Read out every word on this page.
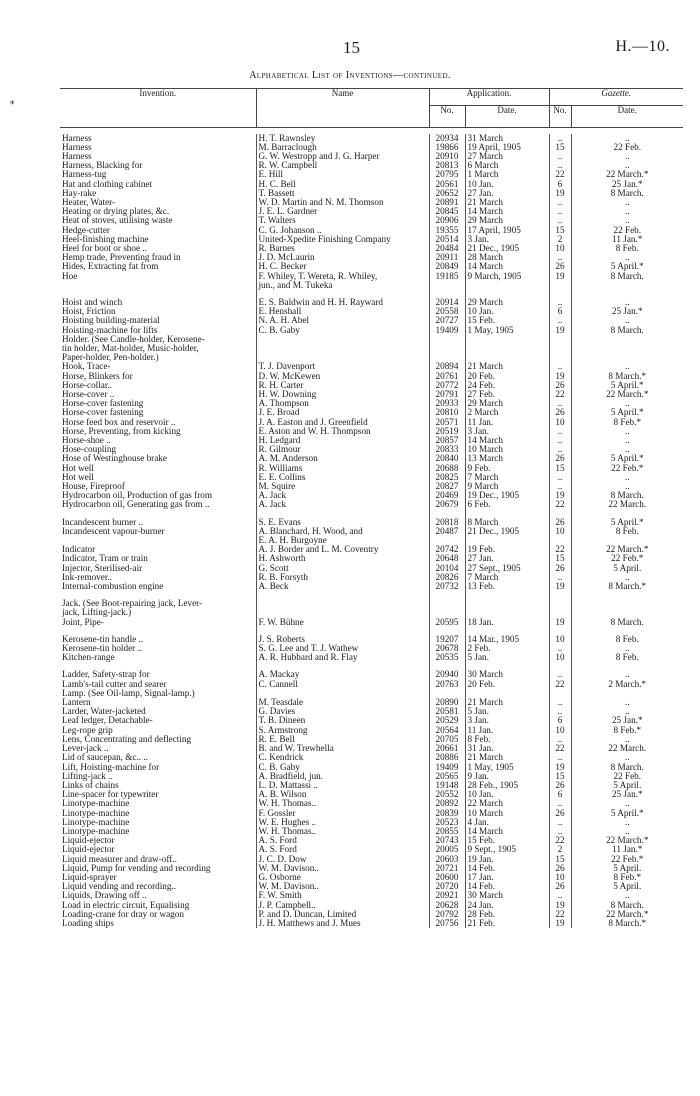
15	H.—10.
Alphabetical List of Inventions—continued.
⁎
Invention.	Name	Application.		Gazette.	
		No.	Date.	No.	Date.

Harness	H. T. Rawnsley	20934	31 March	..	..
Harness	M. Barraclough	19866	19 April, 1905	15	22 Feb.
Harness	G. W. Westropp and J. G. Harper	20910	27 March	..	..
Harness, Blacking for	R. W. Campbell	20813	6 March	..	..
Harness-tug	E. Hill	20795	1 March	22	22 March.*
Hat and clothing cabinet	H. C. Bell	20561	10 Jan.	6	25 Jan.*
Hay-rake	T. Bassett	20652	27 Jan.	19	8 March.
Heater, Water-	W. D. Martin and N. M. Thomson	20891	21 March	..	..
Heating or drying plates, &c.	J. E. L. Gardner	20845	14 March	..	..
Heat of stoves, utilising waste	T. Walters	20906	29 March	..	..
Hedge-cutter	C. G. Johanson ..	19355	17 April, 1905	15	22 Feb.
Heel-finishing machine	United-Xpedite Finishing Company	20514	3 Jan.	2	11 Jan.*
Heel for boot or shoe ..	R. Barnes	20484	21 Dec., 1905	10	8 Feb.
Hemp trade, Preventing fraud in	J. D. McLaurin	20911	28 March	..	..
Hides, Extracting fat from	H. C. Becker	20849	14 March	26	5 April.*
Hoe	F. Whiley, T. Wereta, R. Whiley,	19185	9 March, 1905	19	8 March.
	jun., and M. Tukeka				

Hoist and winch	E. S. Baldwin and H. H. Rayward	20914	29 March	..	..
Hoist, Friction	E. Henshall	20558	10 Jan.	6	25 Jan.*
Hoisting building-material	N. A. H. Abel	20727	15 Feb.	..	..
Hoisting-machine for lifts	C. B. Gaby	19409	1 May, 1905	19	8 March.
Holder. (See Candle-holder, Kerosene-					
tin holder, Mat-holder, Music-holder,					
Paper-holder, Pen-holder.)					
Hook, Trace-	T. J. Davenport	20894	21 March	..	..
Horse, Blinkers for	D. W. McKewen	20761	20 Feb.	19	8 March.*
Horse-collar..	R. H. Carter	20772	24 Feb.	26	5 April.*
Horse-cover ..	H. W. Downing	20791	27 Feb.	22	22 March.*
Horse-cover fastening	A. Thompson	20933	29 March	..	..
Horse-cover fastening	J. E. Broad	20810	2 March	26	5 April.*
Horse feed box and reservoir ..	J. A. Easton and J. Greenfield	20571	11 Jan.	10	8 Feb.*
Horse, Preventing, from kicking	E. Aston and W. H. Thompson	20519	3 Jan.	..	..
Horse-shoe ..	H. Ledgard	20857	14 March	..	..
Hose-coupling	R. Gilmour	20833	10 March	..	..
Hose of Westinghouse brake	A. M. Anderson	20840	13 March	26	5 April.*
Hot well	R. Williams	20688	9 Feb.	15	22 Feb.*
Hot well	E. E. Collins	20825	7 March	..	..
House, Fireproof	M. Squire	20827	9 March	..	..
Hydrocarbon oil, Production of gas from	A. Jack	20469	19 Dec., 1905	19	8 March.
Hydrocarbon oil, Generating gas from ..	A. Jack	20679	6 Feb.	22	22 March.

Incandescent burner ..	S. E. Evans	20818	8 March	26	5 April.*
Incandescent vapour-burner	A. Blanchard, H. Wood, and	20487	21 Dec., 1905	10	8 Feb.
	E. A. H. Burgoyne				
Indicator	A. J. Border and L. M. Coventry	20742	19 Feb.	22	22 March.*
Indicator, Tram or train	H. Ashworth	20648	27 Jan.	15	22 Feb.*
Injector, Sterilised-air	G. Scott	20104	27 Sept., 1905	26	5 April.
Ink-remover..	R. B. Forsyth	20826	7 March	..	..
Internal-combustion engine	A. Beck	20732	13 Feb.	19	8 March.*

Jack. (See Boot-repairing jack, Lever-					
jack, Lifting-jack.)					
Joint, Pipe-	F. W. Bühne	20595	18 Jan.	19	8 March.

Kerosene-tin handle ..	J. S. Roberts	19207	14 Mar., 1905	10	8 Feb.
Kerosene-tin holder ..	S. G. Lee and T. J. Wathew	20678	2 Feb.	..	..
Kitchen-range	A. R. Hubbard and R. Flay	20535	5 Jan.	10	8 Feb.

Ladder, Safety-strap for	A. Mackay	20940	30 March	..	..
Lamb's-tail cutter and searer	C. Cannell	20763	20 Feb.	22	2 March.*
Lamp. (See Oil-lamp, Signal-lamp.)					
Lantern	M. Teasdale	20890	21 March	..	..
Larder, Water-jacketed	G. Davies	20581	5 Jan.	..	..
Leaf ledger, Detachable-	T. B. Dineen	20529	3 Jan.	6	25 Jan.*
Leg-rope grip	S. Armstrong	20564	11 Jan.	10	8 Feb.*
Lens, Concentrating and deflecting	R. E. Bell	20705	8 Feb.	..	..
Lever-jack ..	B. and W. Trewhella	20661	31 Jan.	22	22 March.
Lid of saucepan, &c.. ..	C. Kendrick	20886	21 March	..	..
Lift, Hoisting-machine for	C. B. Gaby	19409	1 May, 1905	19	8 March.
Lifting-jack ..	A. Bradfield, jun.	20565	9 Jan.	15	22 Feb.
Links of chains	L. D. Mattassi ..	19148	28 Feb., 1905	26	5 April.
Line-spacer for typewriter	A. B. Wilson	20552	10 Jan.	6	25 Jan.*
Linotype-machine	W. H. Thomas..	20892	22 March	..	..
Linotype-machine	F. Gossler	20839	10 March	26	5 April.*
Linotype-machine	W. E. Hughes ..	20523	4 Jan.	..	..
Linotype-machine	W. H. Thomas..	20855	14 March	..	..
Liquid-ejector	A. S. Ford	20743	15 Feb.	22	22 March.*
Liquid-ejector	A. S. Ford	20005	9 Sept., 1905	2	11 Jan.*
Liquid measurer and draw-off..	J. C. D. Dow	20603	19 Jan.	15	22 Feb.*
Liquid, Pump for vending and recording	W. M. Davison..	20721	14 Feb.	26	5 April.
Liquid-sprayer	G. Osborne	20600	17 Jan.	10	8 Feb.*
Liquid vending and recording..	W. M. Davison..	20720	14 Feb.	26	5 April.
Liquids, Drawing off ..	F. W. Smith	20921	30 March	..	..
Load in electric circuit, Equalising	J. P. Campbell..	20628	24 Jan.	19	8 March.
Loading-crane for dray or wagon	P. and D. Duncan, Limited	20792	28 Feb.	22	22 March.*
Loading ships	J. H. Matthews and J. Mues	20756	21 Feb.	19	8 March.*
